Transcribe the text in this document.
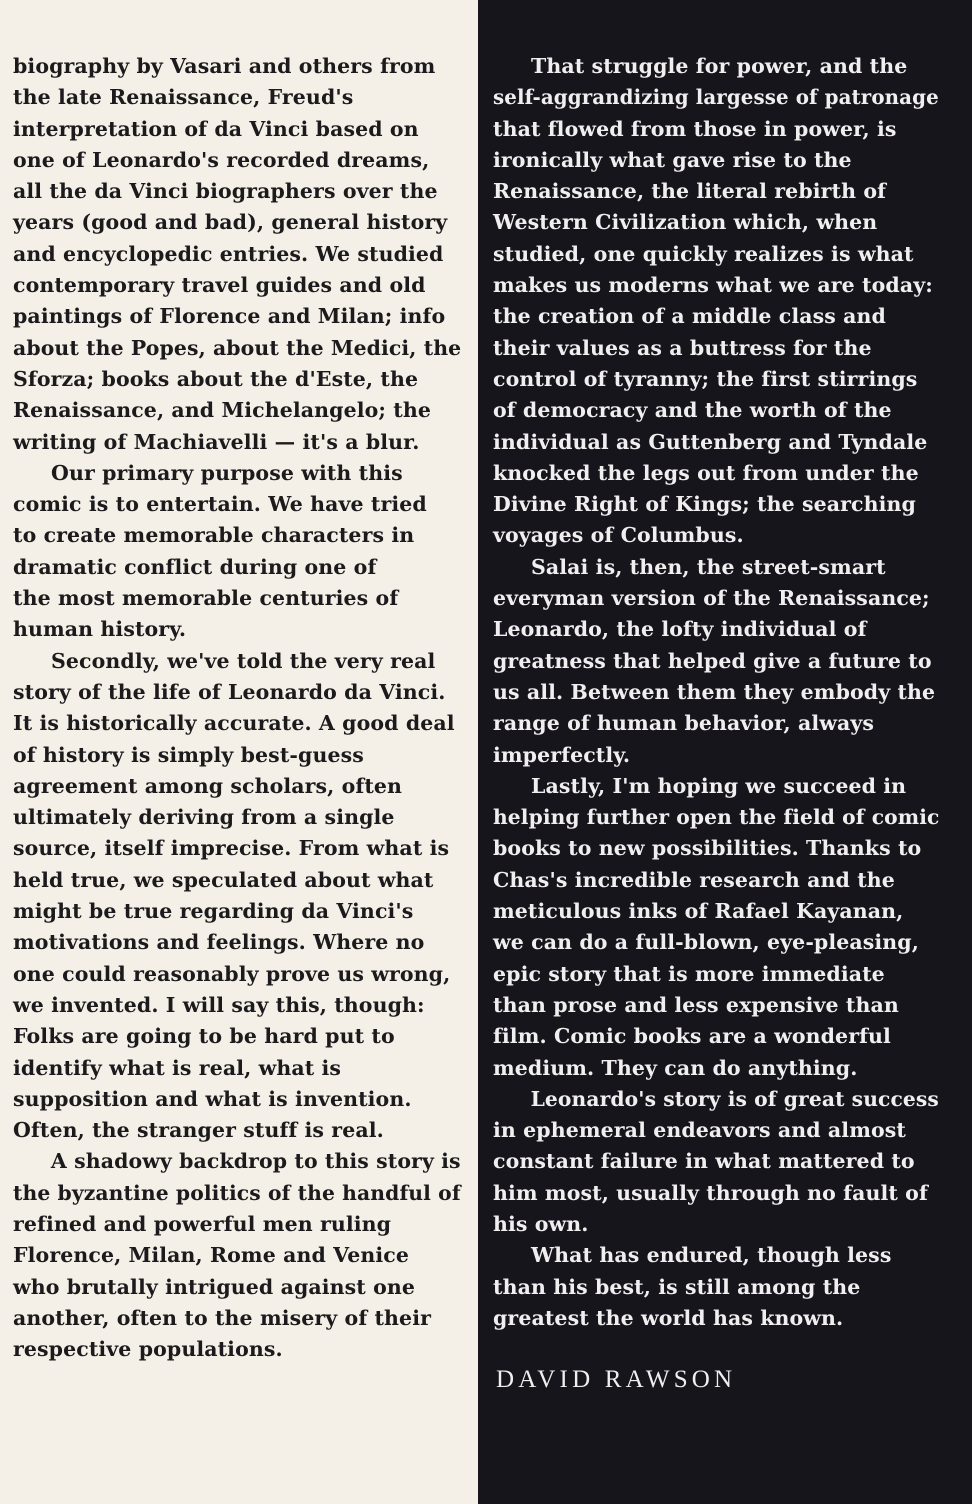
biography by Vasari and others from
the late Renaissance, Freud's
interpretation of da Vinci based on
one of Leonardo's recorded dreams,
all the da Vinci biographers over the
years (good and bad), general history
and encyclopedic entries. We studied
contemporary travel guides and old
paintings of Florence and Milan; info
about the Popes, about the Medici, the
Sforza; books about the d'Este, the
Renaissance, and Michelangelo; the
writing of Machiavelli — it's a blur.
Our primary purpose with this
comic is to entertain. We have tried
to create memorable characters in
dramatic conflict during one of
the most memorable centuries of
human history.
Secondly, we've told the very real
story of the life of Leonardo da Vinci.
It is historically accurate. A good deal
of history is simply best-guess
agreement among scholars, often
ultimately deriving from a single
source, itself imprecise. From what is
held true, we speculated about what
might be true regarding da Vinci's
motivations and feelings. Where no
one could reasonably prove us wrong,
we invented. I will say this, though:
Folks are going to be hard put to
identify what is real, what is
supposition and what is invention.
Often, the stranger stuff is real.
A shadowy backdrop to this story is
the byzantine politics of the handful of
refined and powerful men ruling
Florence, Milan, Rome and Venice
who brutally intrigued against one
another, often to the misery of their
respective populations.
That struggle for power, and the
self-aggrandizing largesse of patronage
that flowed from those in power, is
ironically what gave rise to the
Renaissance, the literal rebirth of
Western Civilization which, when
studied, one quickly realizes is what
makes us moderns what we are today:
the creation of a middle class and
their values as a buttress for the
control of tyranny; the first stirrings
of democracy and the worth of the
individual as Guttenberg and Tyndale
knocked the legs out from under the
Divine Right of Kings; the searching
voyages of Columbus.
Salai is, then, the street-smart
everyman version of the Renaissance;
Leonardo, the lofty individual of
greatness that helped give a future to
us all. Between them they embody the
range of human behavior, always
imperfectly.
Lastly, I'm hoping we succeed in
helping further open the field of comic
books to new possibilities. Thanks to
Chas's incredible research and the
meticulous inks of Rafael Kayanan,
we can do a full-blown, eye-pleasing,
epic story that is more immediate
than prose and less expensive than
film. Comic books are a wonderful
medium. They can do anything.
Leonardo's story is of great success
in ephemeral endeavors and almost
constant failure in what mattered to
him most, usually through no fault of
his own.
What has endured, though less
than his best, is still among the
greatest the world has known.
DAVID RAWSON
